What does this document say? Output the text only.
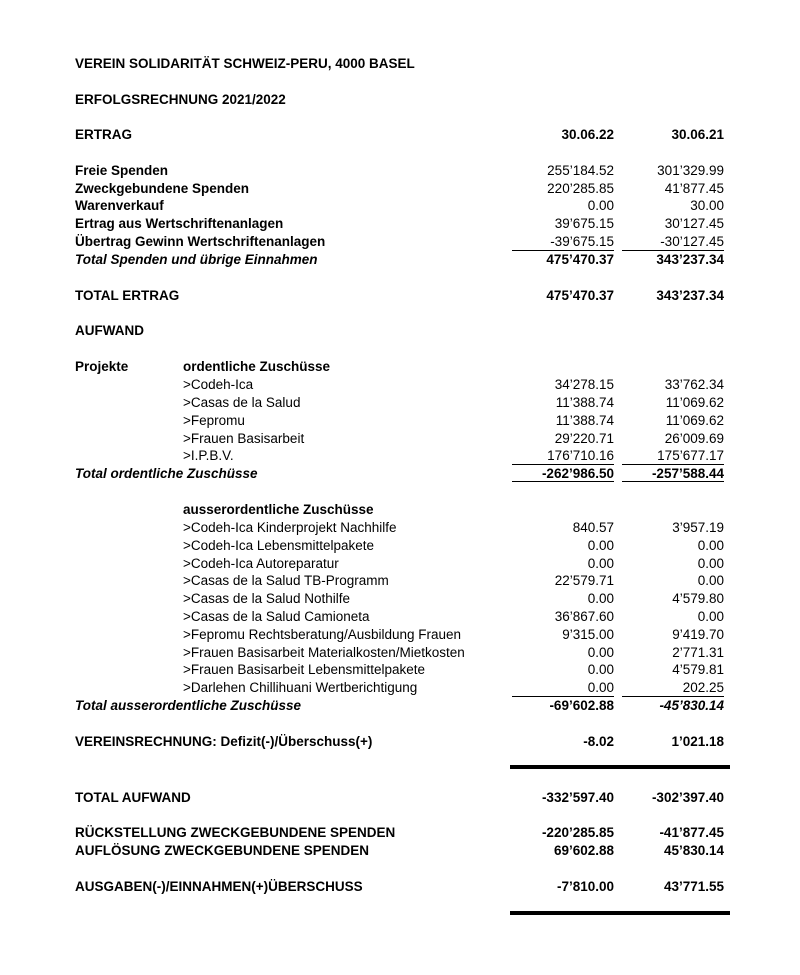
VEREIN SOLIDARITÄT SCHWEIZ-PERU, 4000 BASEL
ERFOLGSRECHNUNG 2021/2022
ERTRAG	30.06.22	30.06.21
Freie Spenden	255’184.52	301’329.99
Zweckgebundene Spenden	220’285.85	41’877.45
Warenverkauf	0.00	30.00
Ertrag aus Wertschriftenanlagen	39’675.15	30’127.45
Übertrag Gewinn Wertschriftenanlagen	-39’675.15	-30’127.45
Total Spenden und übrige Einnahmen	475’470.37	343’237.34
TOTAL ERTRAG	475’470.37	343’237.34
AUFWAND
Projekte	ordentliche Zuschüsse
>Codeh-Ica	34’278.15	33’762.34
>Casas de la Salud	11’388.74	11’069.62
>Fepromu	11’388.74	11’069.62
>Frauen Basisarbeit	29’220.71	26’009.69
>I.P.B.V.	176’710.16	175’677.17
Total ordentliche Zuschüsse	-262’986.50	-257’588.44
ausserordentliche Zuschüsse
>Codeh-Ica Kinderprojekt Nachhilfe	840.57	3’957.19
>Codeh-Ica Lebensmittelpakete	0.00	0.00
>Codeh-Ica Autoreparatur	0.00	0.00
>Casas de la Salud TB-Programm	22’579.71	0.00
>Casas de la Salud Nothilfe	0.00	4’579.80
>Casas de la Salud Camioneta	36’867.60	0.00
>Fepromu Rechtsberatung/Ausbildung Frauen	9’315.00	9’419.70
>Frauen Basisarbeit Materialkosten/Mietkosten	0.00	2’771.31
>Frauen Basisarbeit Lebensmittelpakete	0.00	4’579.81
>Darlehen Chillihuani Wertberichtigung	0.00	202.25
Total ausserordentliche Zuschüsse	-69’602.88	-45’830.14
VEREINSRECHNUNG: Defizit(-)/Überschuss(+)	-8.02	1’021.18
TOTAL AUFWAND	-332’597.40	-302’397.40
RÜCKSTELLUNG ZWECKGEBUNDENE SPENDEN	-220’285.85	-41’877.45
AUFLÖSUNG ZWECKGEBUNDENE SPENDEN	69’602.88	45’830.14
AUSGABEN(-)/EINNAHMEN(+)ÜBERSCHUSS	-7’810.00	43’771.55
